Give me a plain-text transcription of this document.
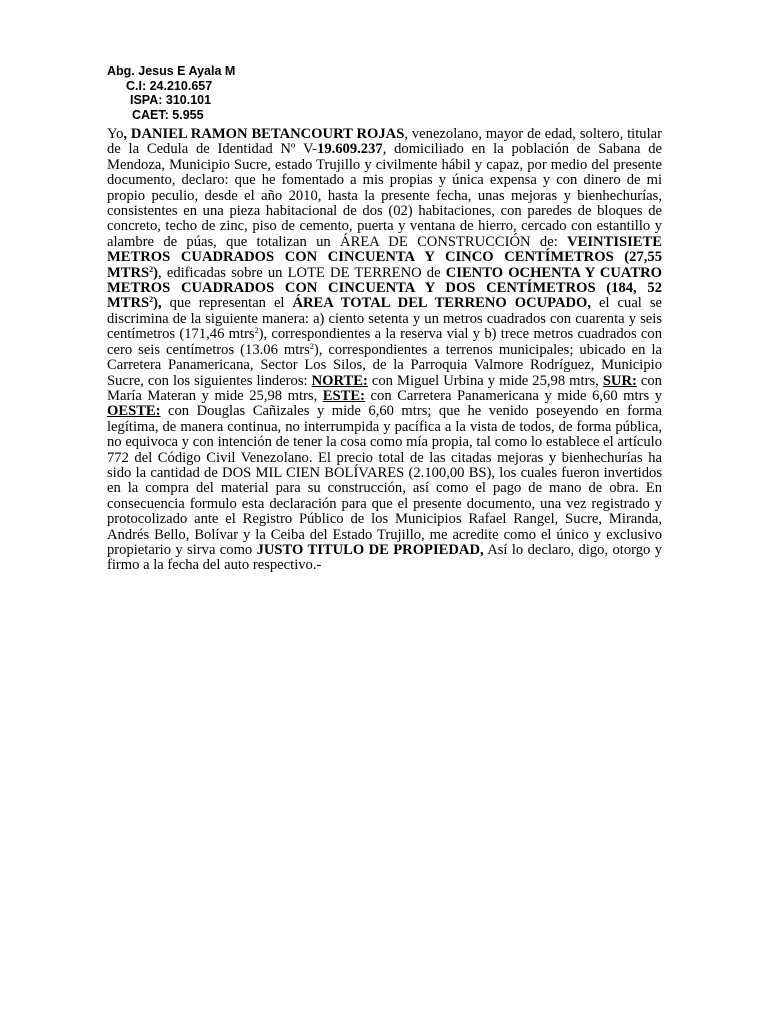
Abg. Jesus E Ayala M
C.I: 24.210.657
ISPA: 310.101
CAET: 5.955

Yo, DANIEL RAMON BETANCOURT ROJAS, venezolano, mayor de edad, soltero, titular de la Cedula de Identidad Nº V-19.609.237, domiciliado en la población de Sabana de Mendoza, Municipio Sucre, estado Trujillo y civilmente hábil y capaz, por medio del presente documento, declaro: que he fomentado a mis propias y única expensa y con dinero de mi propio peculio, desde el año 2010, hasta la presente fecha, unas mejoras y bienhechurías, consistentes en una pieza habitacional de dos (02) habitaciones, con paredes de bloques de concreto, techo de zinc, piso de cemento, puerta y ventana de hierro, cercado con estantillo y alambre de púas, que totalizan un ÁREA DE CONSTRUCCIÓN de: VEINTISIETE METROS CUADRADOS CON CINCUENTA Y CINCO CENTÍMETROS (27,55 MTRS$^2$), edificadas sobre un LOTE DE TERRENO de CIENTO OCHENTA Y CUATRO METROS CUADRADOS CON CINCUENTA Y DOS CENTÍMETROS (184, 52 MTRS$^2$), que representan el ÁREA TOTAL DEL TERRENO OCUPADO, el cual se discrimina de la siguiente manera: a) ciento setenta y un metros cuadrados con cuarenta y seis centímetros (171,46 mtrs$^2$), correspondientes a la reserva vial y b) trece metros cuadrados con cero seis centímetros (13.06 mtrs$^2$), correspondientes a terrenos municipales; ubicado en la Carretera Panamericana, Sector Los Silos, de la Parroquia Valmore Rodríguez, Municipio Sucre, con los siguientes linderos: NORTE: con Miguel Urbina y mide 25,98 mtrs, SUR: con María Materan y mide 25,98 mtrs, ESTE: con Carretera Panamericana y mide 6,60 mtrs y OESTE: con Douglas Cañizales y mide 6,60 mtrs; que he venido poseyendo en forma legítima, de manera continua, no interrumpida y pacífica a la vista de todos, de forma pública, no equivoca y con intención de tener la cosa como mía propia, tal como lo establece el artículo 772 del Código Civil Venezolano. El precio total de las citadas mejoras y bienhechurías ha sido la cantidad de DOS MIL CIEN BOLÍVARES (2.100,00 BS), los cuales fueron invertidos en la compra del material para su construcción, así como el pago de mano de obra. En consecuencia formulo esta declaración para que el presente documento, una vez registrado y protocolizado ante el Registro Público de los Municipios Rafael Rangel, Sucre, Miranda, Andrés Bello, Bolívar y la Ceiba del Estado Trujillo, me acredite como el único y exclusivo propietario y sirva como JUSTO TITULO DE PROPIEDAD, Así lo declaro, digo, otorgo y firmo a la fecha del auto respectivo.-
